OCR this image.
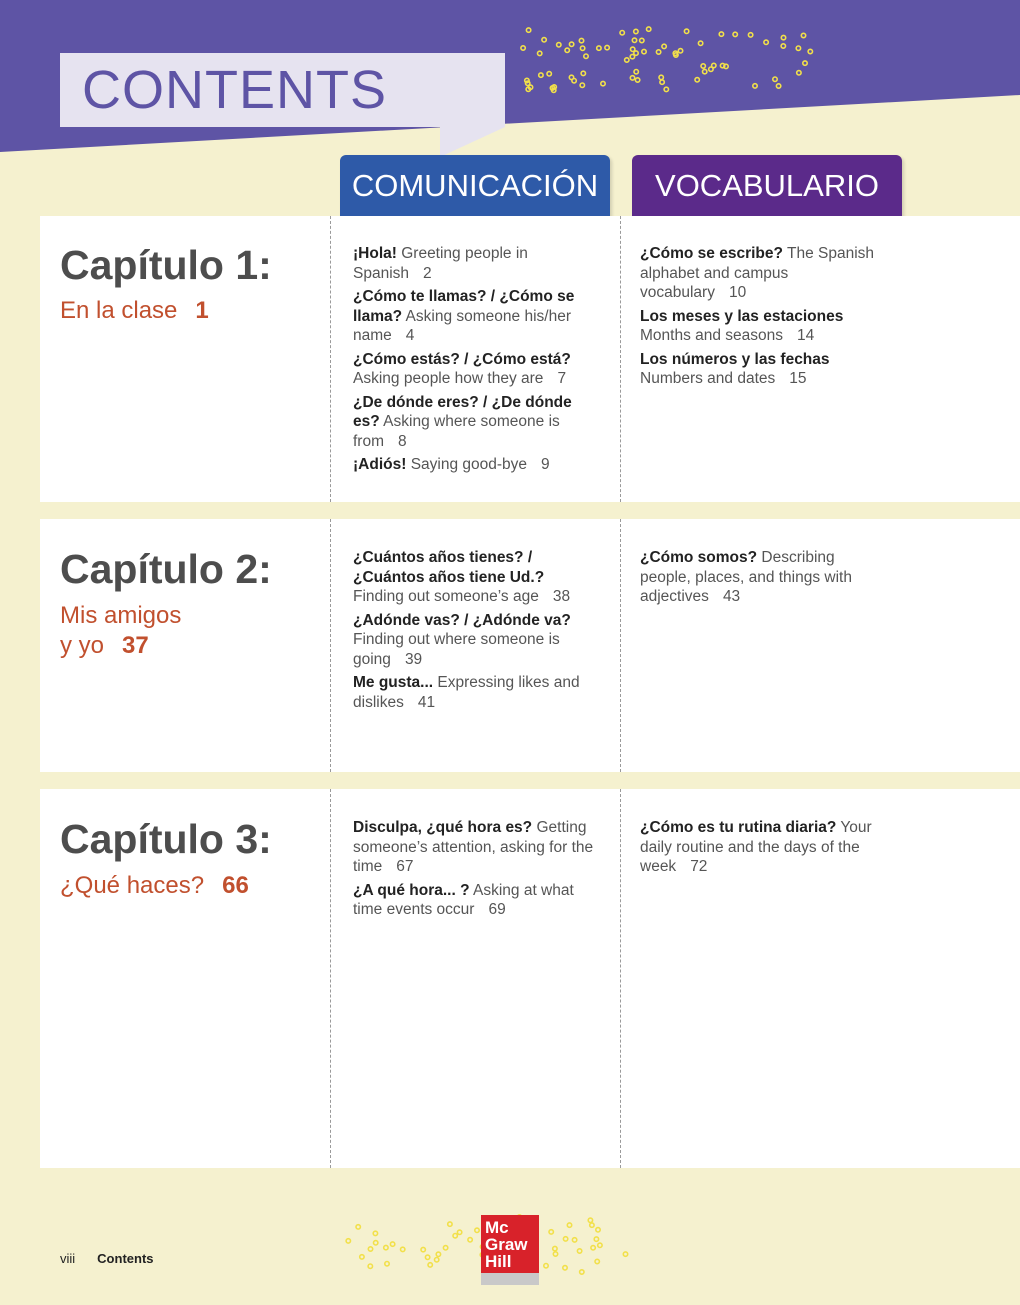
CONTENTS
COMUNICACIÓN	VOCABULARIO
Capítulo 1:
En la clase 1
¡Hola! Greeting people in Spanish 2
¿Cómo te llamas? / ¿Cómo se llama? Asking someone his/her name 4
¿Cómo estás? / ¿Cómo está? Asking people how they are 7
¿De dónde eres? / ¿De dónde es? Asking where someone is from 8
¡Adiós! Saying good-bye 9
¿Cómo se escribe? The Spanish alphabet and campus vocabulary 10
Los meses y las estaciones Months and seasons 14
Los números y las fechas Numbers and dates 15
Capítulo 2:
Mis amigos
y yo 37
¿Cuántos años tienes? / ¿Cuántos años tiene Ud.? Finding out someone’s age 38
¿Adónde vas? / ¿Adónde va? Finding out where someone is going 39
Me gusta... Expressing likes and dislikes 41
¿Cómo somos? Describing people, places, and things with adjectives 43
Capítulo 3:
¿Qué haces? 66
Disculpa, ¿qué hora es? Getting someone’s attention, asking for the time 67
¿A qué hora... ? Asking at what time events occur 69
¿Cómo es tu rutina diaria? Your daily routine and the days of the week 72
viii Contents
Mc
Graw
Hill
